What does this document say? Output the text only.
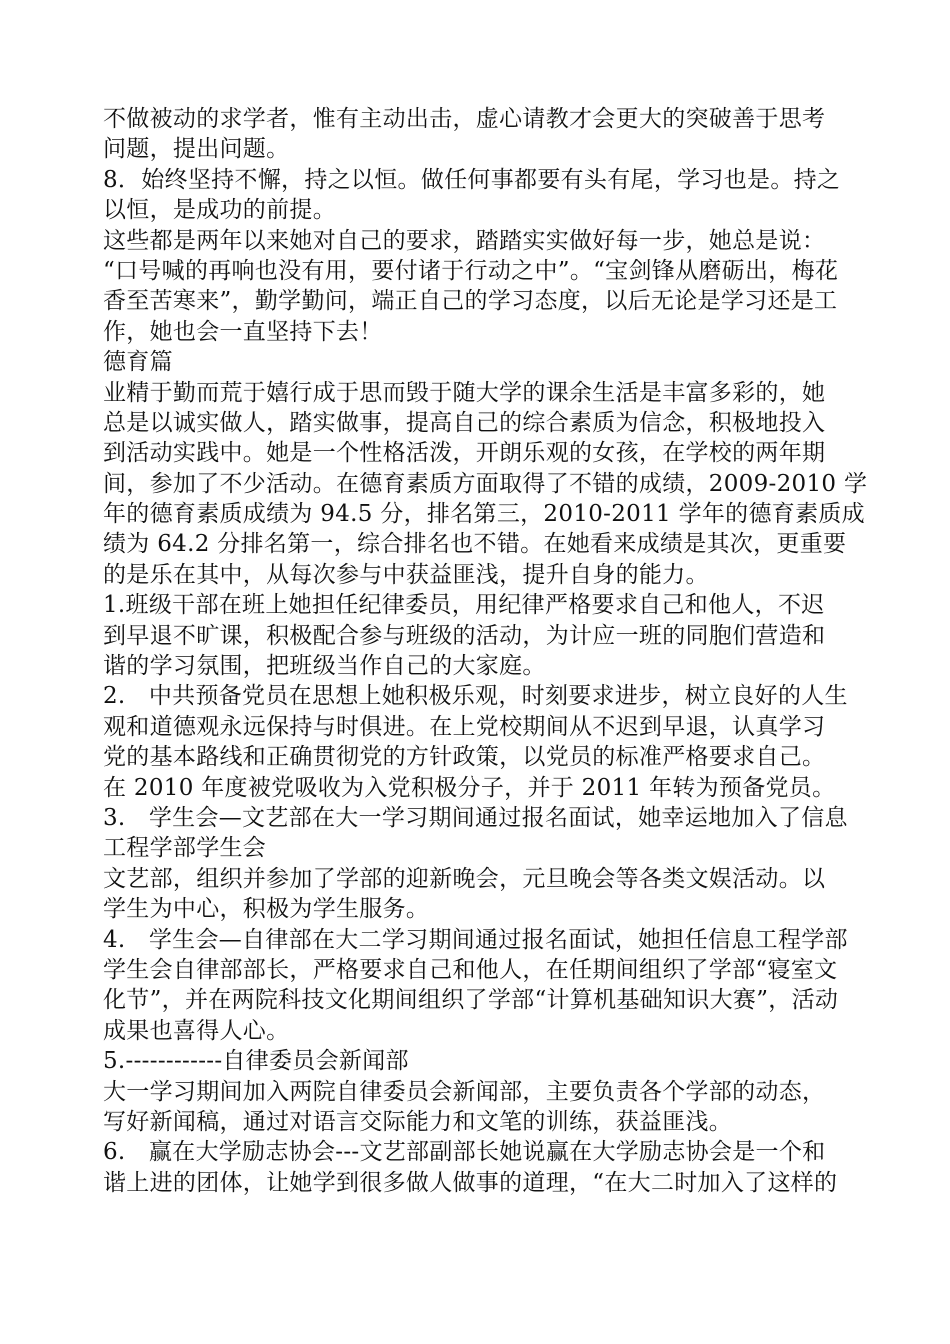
不做被动的求学者，惟有主动出击，虚心请教才会更大的突破善于思考
问题，提出问题。
8．始终坚持不懈，持之以恒。做任何事都要有头有尾，学习也是。持之
以恒，是成功的前提。
这些都是两年以来她对自己的要求，踏踏实实做好每一步，她总是说：
“口号喊的再响也没有用，要付诸于行动之中”。“宝剑锋从磨砺出，梅花
香至苦寒来”，勤学勤问，端正自己的学习态度，以后无论是学习还是工
作，她也会一直坚持下去！
德育篇
业精于勤而荒于嬉行成于思而毁于随大学的课余生活是丰富多彩的，她
总是以诚实做人，踏实做事，提高自己的综合素质为信念，积极地投入
到活动实践中。她是一个性格活泼，开朗乐观的女孩，在学校的两年期
间，参加了不少活动。在德育素质方面取得了不错的成绩，2009-2010 学
年的德育素质成绩为 94.5 分，排名第三，2010-2011 学年的德育素质成
绩为 64.2 分排名第一，综合排名也不错。在她看来成绩是其次，更重要
的是乐在其中，从每次参与中获益匪浅，提升自身的能力。
1.班级干部在班上她担任纪律委员，用纪律严格要求自己和他人，不迟
到早退不旷课，积极配合参与班级的活动，为计应一班的同胞们营造和
谐的学习氛围，把班级当作自己的大家庭。
2.　中共预备党员在思想上她积极乐观，时刻要求进步，树立良好的人生
观和道德观永远保持与时俱进。在上党校期间从不迟到早退，认真学习
党的基本路线和正确贯彻党的方针政策，以党员的标准严格要求自己。
在 2010 年度被党吸收为入党积极分子，并于 2011 年转为预备党员。
3.　学生会—文艺部在大一学习期间通过报名面试，她幸运地加入了信息
工程学部学生会
文艺部，组织并参加了学部的迎新晚会，元旦晚会等各类文娱活动。以
学生为中心，积极为学生服务。
4.　学生会—自律部在大二学习期间通过报名面试，她担任信息工程学部
学生会自律部部长，严格要求自己和他人，在任期间组织了学部“寝室文
化节”，并在两院科技文化期间组织了学部“计算机基础知识大赛”，活动
成果也喜得人心。
5.------------自律委员会新闻部
大一学习期间加入两院自律委员会新闻部，主要负责各个学部的动态，
写好新闻稿，通过对语言交际能力和文笔的训练，获益匪浅。
6.　赢在大学励志协会---文艺部副部长她说赢在大学励志协会是一个和
谐上进的团体，让她学到很多做人做事的道理，“在大二时加入了这样的
